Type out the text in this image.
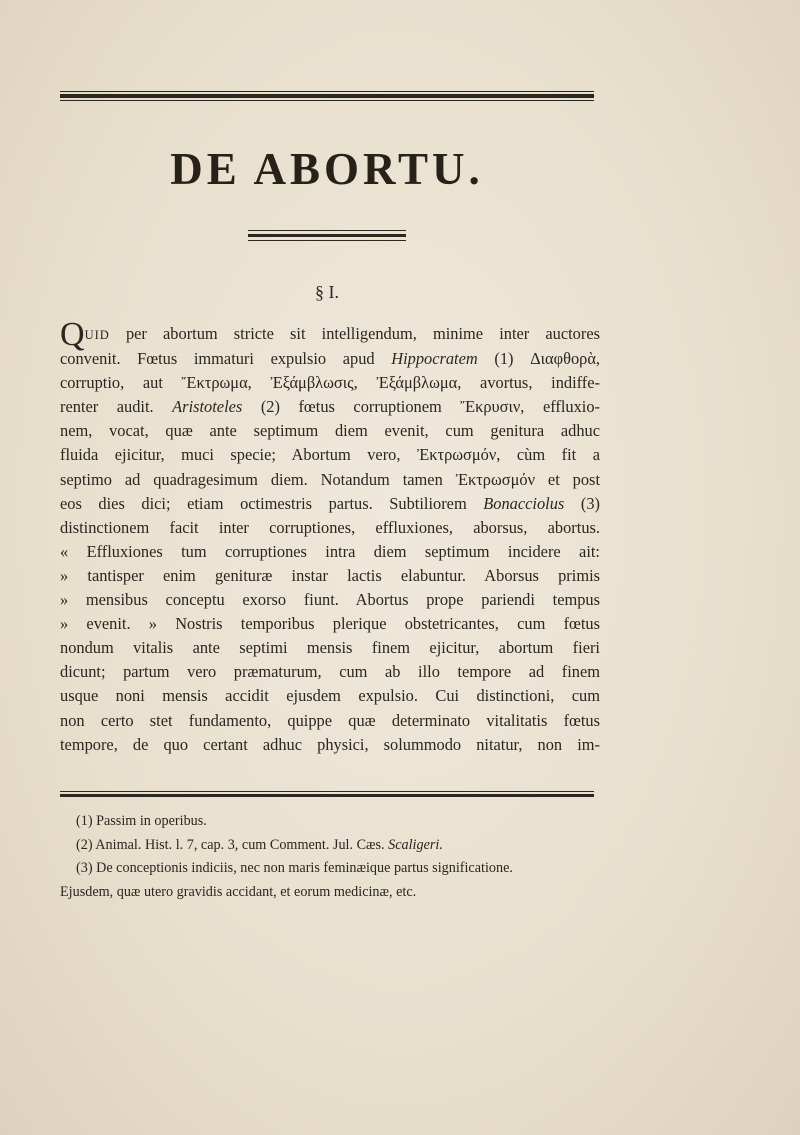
DE ABORTU.
§ I.
QUID per abortum stricte sit intelligendum, minime inter auctores
convenit. Fœtus immaturi expulsio apud Hippocratem (1) Διαφθορὰ,
corruptio, aut Ἔκτρωμα, Ἐξάμβλωσις, Ἐξάμβλωμα, avortus, indiffe-
renter audit. Aristoteles (2) fœtus corruptionem Ἔκρυσιν, effluxio-
nem, vocat, quæ ante septimum diem evenit, cum genitura adhuc
fluida ejicitur, muci specie; Abortum vero, Ἐκτρωσμόν, cùm fit a
septimo ad quadragesimum diem. Notandum tamen Ἐκτρωσμόν et post
eos dies dici; etiam octimestris partus. Subtiliorem Bonacciolus (3)
distinctionem facit inter corruptiones, effluxiones, aborsus, abortus.
« Effluxiones tum corruptiones intra diem septimum incidere ait:
» tantisper enim genituræ instar lactis elabuntur. Aborsus primis
» mensibus conceptu exorso fiunt. Abortus prope pariendi tempus
» evenit. » Nostris temporibus plerique obstetricantes, cum fœtus
nondum vitalis ante septimi mensis finem ejicitur, abortum fieri
dicunt; partum vero præmaturum, cum ab illo tempore ad finem
usque noni mensis accidit ejusdem expulsio. Cui distinctioni, cum
non certo stet fundamento, quippe quæ determinato vitalitatis fœtus
tempore, de quo certant adhuc physici, solummodo nitatur, non im-
(1) Passim in operibus.
(2) Animal. Hist. l. 7, cap. 3, cum Comment. Jul. Cæs. Scaligeri.
(3) De conceptionis indiciis, nec non maris feminæique partus significatione.
Ejusdem, quæ utero gravidis accidant, et eorum medicinæ, etc.
